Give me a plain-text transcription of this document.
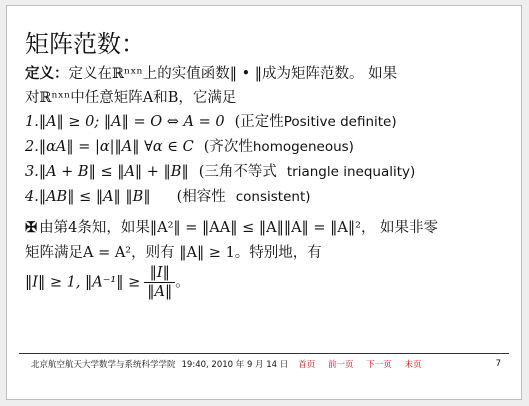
矩阵范数：
定义：定义在ℝⁿˣⁿ上的实值函数‖ • ‖成为矩阵范数。 如果
对ℝⁿˣⁿ中任意矩阵A和B，它满足
1.‖A‖ ≥ 0; ‖A‖ = O ⇔ A = 0 (正定性Positive definite)
2.‖αA‖ = |α|‖A‖ ∀α ∈ C (齐次性homogeneous)
3.‖A + B‖ ≤ ‖A‖ + ‖B‖ (三角不等式 triangle inequality)
4.‖AB‖ ≤ ‖A‖ ‖B‖ (相容性 consistent)
✠ 由第4条知，如果‖A²‖ = ‖AA‖ ≤ ‖A‖‖A‖ = ‖A‖²， 如果非零
矩阵满足A = A²，则有 ‖A‖ ≥ 1。特别地，有
‖I‖ ≥ 1, ‖A⁻¹‖ ≥ $\frac{‖I‖}{‖A‖}$ 。
北京航空航天大学数学与系统科学学院 19:40, 2010 年 9 月 14 日	首页 前一页 下一页 末页	7
